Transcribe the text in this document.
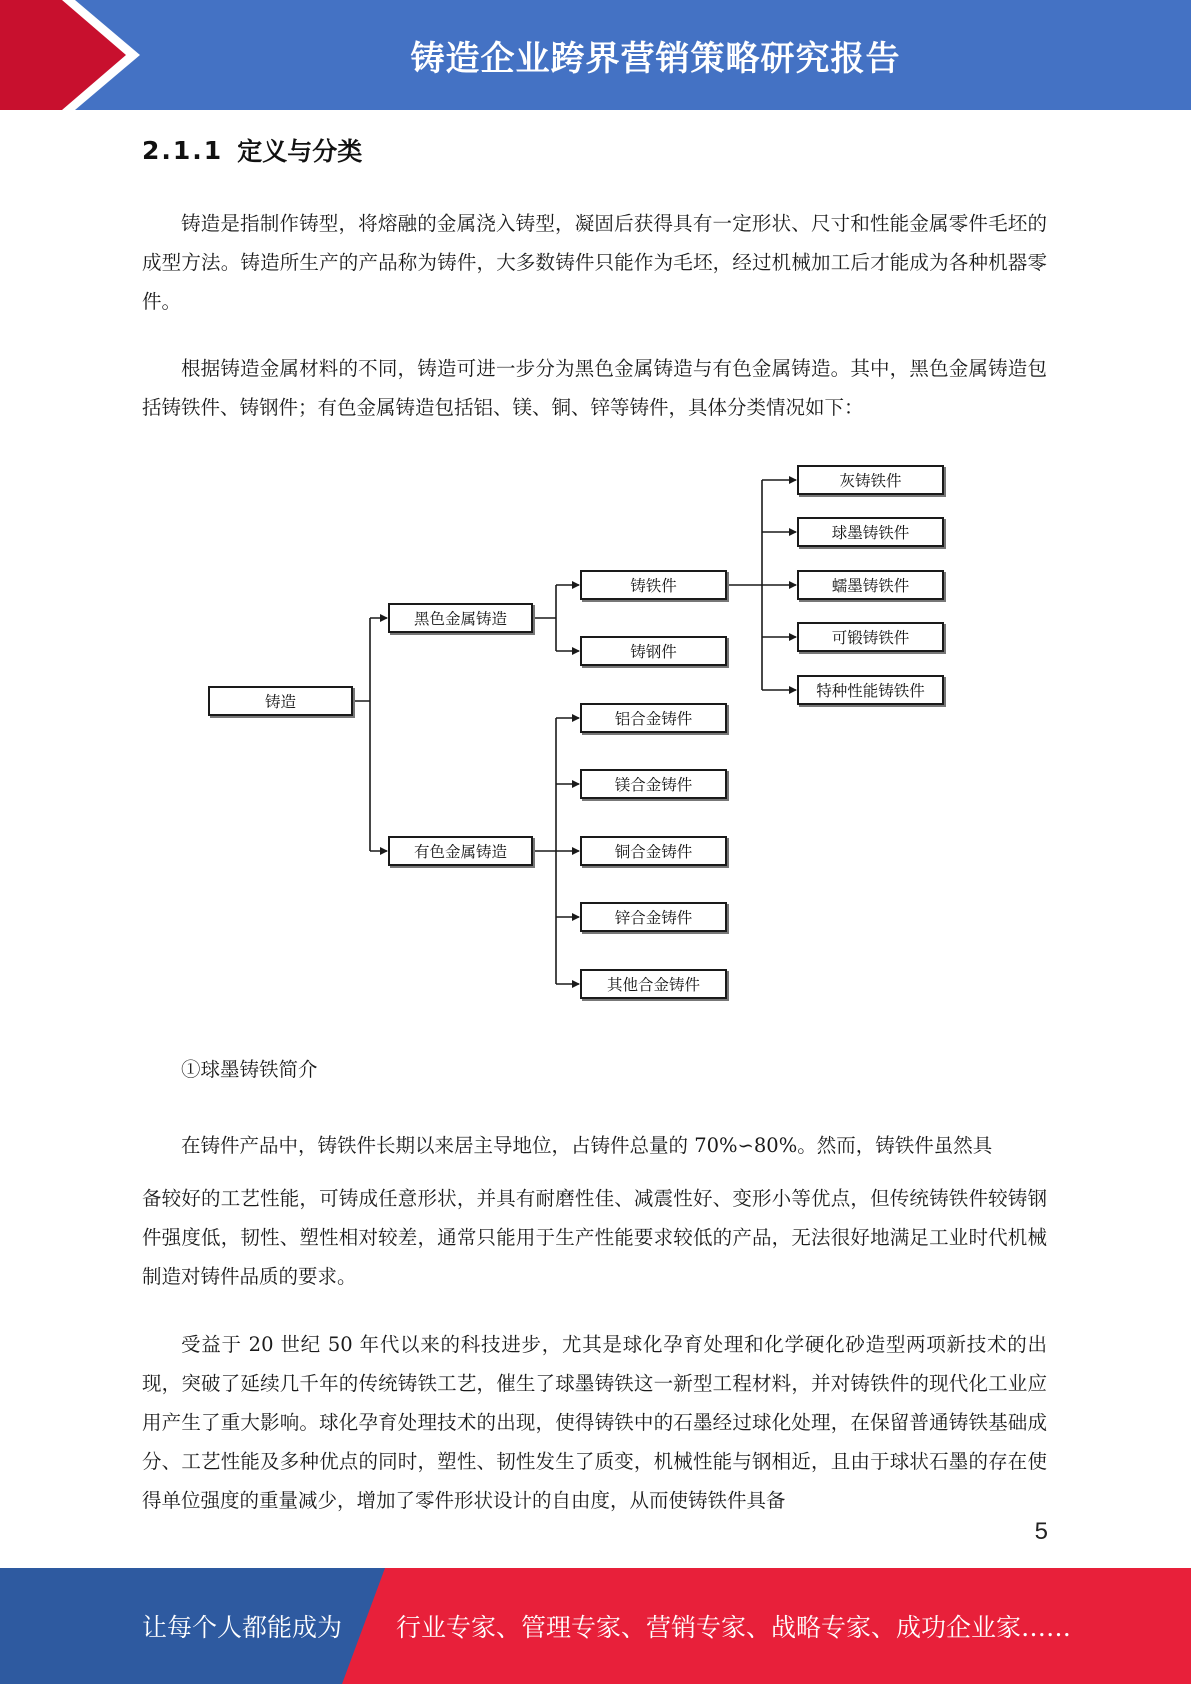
铸造企业跨界营销策略研究报告
2.1.1 定义与分类

铸造是指制作铸型，将熔融的金属浇入铸型，凝固后获得具有一定形状、尺寸和性能金属零件毛坯的成型方法。铸造所生产的产品称为铸件，大多数铸件只能作为毛坯，经过机械加工后才能成为各种机器零件。

根据铸造金属材料的不同，铸造可进一步分为黑色金属铸造与有色金属铸造。其中，黑色金属铸造包括铸铁件、铸钢件；有色金属铸造包括铝、镁、铜、锌等铸件，具体分类情况如下：

铸造
黑色金属铸造
有色金属铸造
铸铁件
铸钢件
灰铸铁件
球墨铸铁件
蠕墨铸铁件
可锻铸铁件
特种性能铸铁件
铝合金铸件
镁合金铸件
铜合金铸件
锌合金铸件
其他合金铸件

①球墨铸铁简介

在铸件产品中，铸铁件长期以来居主导地位，占铸件总量的 70%∽80%。然而，铸铁件虽然具

备较好的工艺性能，可铸成任意形状，并具有耐磨性佳、减震性好、变形小等优点，但传统铸铁件较铸钢件强度低，韧性、塑性相对较差，通常只能用于生产性能要求较低的产品，无法很好地满足工业时代机械制造对铸件品质的要求。

受益于 20 世纪 50 年代以来的科技进步，尤其是球化孕育处理和化学硬化砂造型两项新技术的出现，突破了延续几千年的传统铸铁工艺，催生了球墨铸铁这一新型工程材料，并对铸铁件的现代化工业应用产生了重大影响。球化孕育处理技术的出现，使得铸铁中的石墨经过球化处理，在保留普通铸铁基础成分、工艺性能及多种优点的同时，塑性、韧性发生了质变，机械性能与钢相近，且由于球状石墨的存在使得单位强度的重量减少，增加了零件形状设计的自由度，从而使铸铁件具备

5
让每个人都能成为 行业专家、管理专家、营销专家、战略专家、成功企业家……
